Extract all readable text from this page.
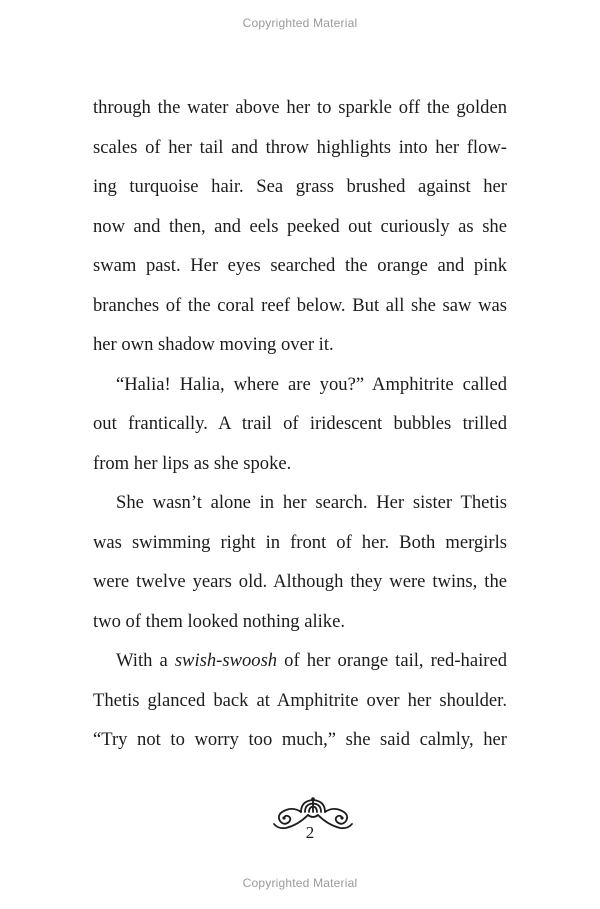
Copyrighted Material

through the water above her to sparkle off the golden
scales of her tail and throw highlights into her flow-
ing turquoise hair. Sea grass brushed against her
now and then, and eels peeked out curiously as she
swam past. Her eyes searched the orange and pink
branches of the coral reef below. But all she saw was
her own shadow moving over it.

“Halia! Halia, where are you?” Amphitrite called
out frantically. A trail of iridescent bubbles trilled
from her lips as she spoke.

She wasn’t alone in her search. Her sister Thetis
was swimming right in front of her. Both mergirls
were twelve years old. Although they were twins, the
two of them looked nothing alike.

With a swish-swoosh of her orange tail, red-haired
Thetis glanced back at Amphitrite over her shoulder.
“Try not to worry too much,” she said calmly, her

2
Copyrighted Material
